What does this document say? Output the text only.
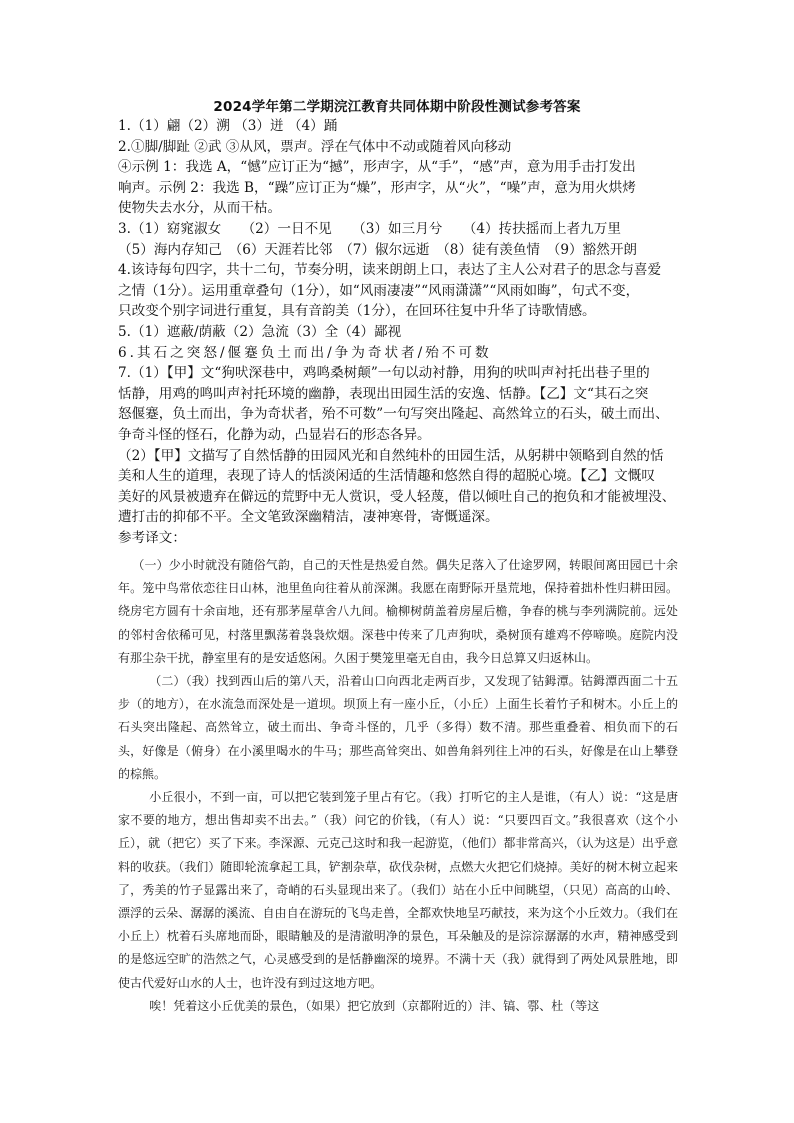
2024学年第二学期浣江教育共同体期中阶段性测试参考答案

1.（1）翩（2）溯 （3）迸 （4）踊

2.①脚/脚趾 ②武 ③从风，票声。浮在气体中不动或随着风向移动

④示例 1：我选 A，“憾”应订正为“撼”，形声字，从“手”，“感”声，意为用手击打发出

响声。示例 2：我选 B，“躁”应订正为“燥”，形声字，从“火”，“噪”声，意为用火烘烤

使物失去水分，从而干枯。

3.（1）窈窕淑女　　（2）一日不见　　（3）如三月兮　　（4）抟扶摇而上者九万里

（5）海内存知己　（6）天涯若比邻　（7）俶尔远逝　（8）徒有羡鱼情　（9）豁然开朗

4.该诗每句四字，共十二句，节奏分明，读来朗朗上口，表达了主人公对君子的思念与喜爱

之情（1分）。运用重章叠句（1分），如“风雨凄凄”“风雨潇潇”“风雨如晦”，句式不变，

只改变个别字词进行重复，具有音韵美（1分），在回环往复中升华了诗歌情感。

5.（1）遮蔽/荫蔽（2）急流（3）全（4）鄙视

6.其石之突怒/偃蹇负土而出/争为奇状者/殆不可数

7.（1）【甲】文“狗吠深巷中，鸡鸣桑树颠”一句以动衬静，用狗的吠叫声衬托出巷子里的

恬静，用鸡的鸣叫声衬托环境的幽静，表现出田园生活的安逸、恬静。【乙】文“其石之突

怒偃蹇，负土而出，争为奇状者，殆不可数”一句写突出隆起、高然耸立的石头，破土而出、

争奇斗怪的怪石，化静为动，凸显岩石的形态各异。

（2）【甲】文描写了自然恬静的田园风光和自然纯朴的田园生活，从躬耕中领略到自然的恬

美和人生的道理，表现了诗人的恬淡闲适的生活情趣和悠然自得的超脱心境。【乙】文慨叹

美好的风景被遗弃在僻远的荒野中无人赏识，受人轻蔑，借以倾吐自己的抱负和才能被埋没、

遭打击的抑郁不平。全文笔致深幽精洁，凄神寒骨，寄慨遥深。

参考译文：

（一）少小时就没有随俗气韵，自己的天性是热爱自然。偶失足落入了仕途罗网，转眼间离田园已十余年。笼中鸟常依恋往日山林，池里鱼向往着从前深渊。我愿在南野际开垦荒地，保持着拙朴性归耕田园。绕房宅方圆有十余亩地，还有那茅屋草舍八九间。榆柳树荫盖着房屋后檐，争春的桃与李列满院前。远处的邻村舍依稀可见，村落里飘荡着袅袅炊烟。深巷中传来了几声狗吠，桑树顶有雄鸡不停啼唤。庭院内没有那尘杂干扰，静室里有的是安适悠闲。久困于樊笼里毫无自由，我今日总算又归返林山。

（二）（我）找到西山后的第八天，沿着山口向西北走两百步，又发现了钴鉧潭。钴鉧潭西面二十五步（的地方），在水流急而深处是一道坝。坝顶上有一座小丘，（小丘）上面生长着竹子和树木。小丘上的石头突出隆起、高然耸立，破土而出、争奇斗怪的，几乎（多得）数不清。那些重叠着、相负而下的石头，好像是（俯身）在小溪里喝水的牛马；那些高耸突出、如兽角斜列往上冲的石头，好像是在山上攀登的棕熊。

小丘很小，不到一亩，可以把它装到笼子里占有它。（我）打听它的主人是谁，（有人）说：“这是唐家不要的地方，想出售却卖不出去。”（我）问它的价钱，（有人）说：“只要四百文。”我很喜欢（这个小丘），就（把它）买了下来。李深源、元克己这时和我一起游览，（他们）都非常高兴，（认为这是）出乎意料的收获。（我们）随即轮流拿起工具，铲割杂草，砍伐杂树，点燃大火把它们烧掉。美好的树木树立起来了，秀美的竹子显露出来了，奇峭的石头显现出来了。（我们）站在小丘中间眺望，（只见）高高的山岭、漂浮的云朵、潺潺的溪流、自由自在游玩的飞鸟走兽，全都欢快地呈巧献技，来为这个小丘效力。（我们在小丘上）枕着石头席地而卧，眼睛触及的是清澈明净的景色，耳朵触及的是淙淙潺潺的水声，精神感受到的是悠远空旷的浩然之气，心灵感受到的是恬静幽深的境界。不满十天（我）就得到了两处风景胜地，即使古代爱好山水的人士，也许没有到过这地方吧。

唉！凭着这小丘优美的景色，（如果）把它放到（京都附近的）沣、镐、鄠、杜（等这
